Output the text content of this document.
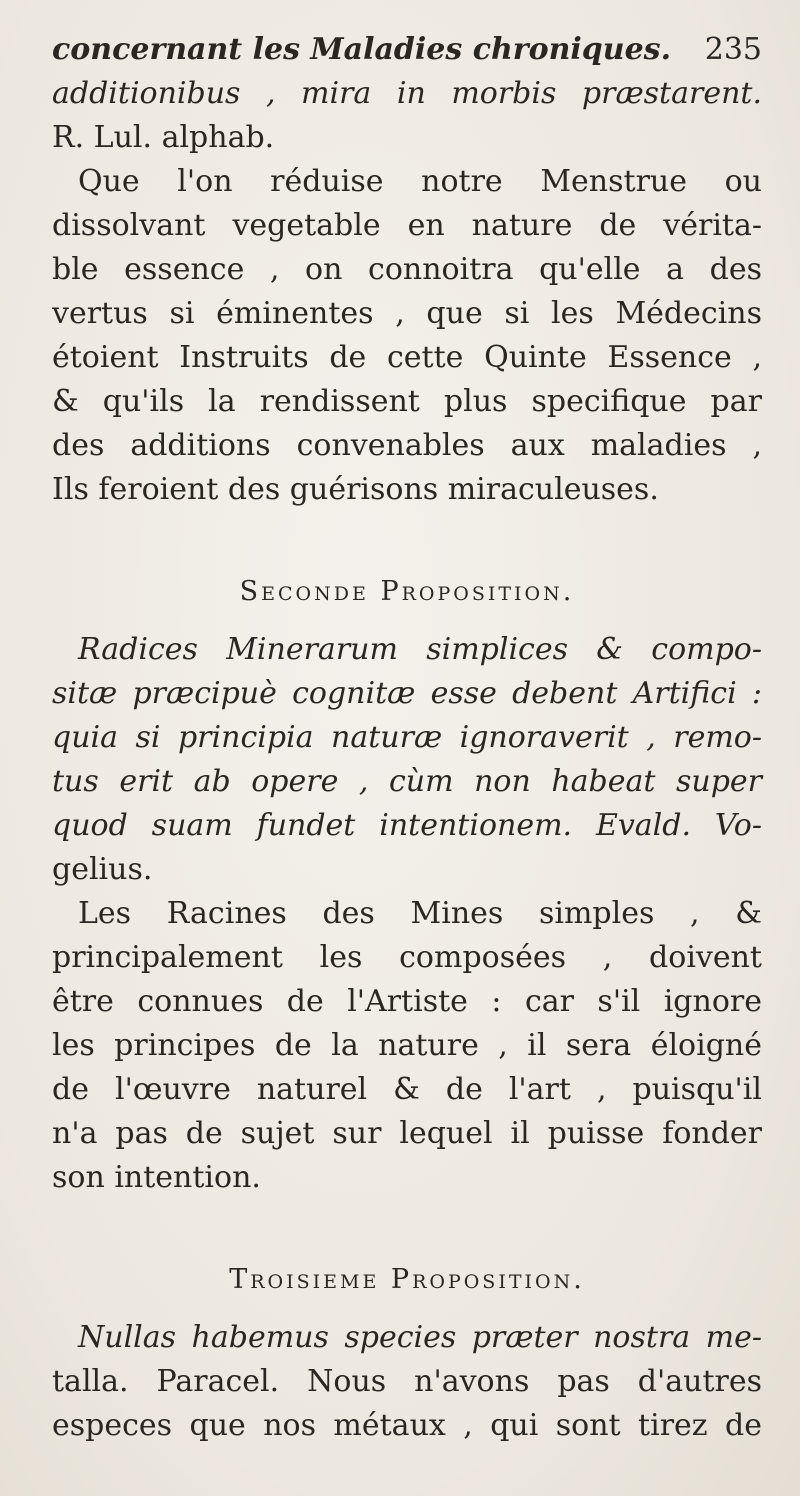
concernant les Maladies chroniques. 235
additionibus , mira in morbis præstarent.
R. Lul. alphab.
Que l'on réduise notre Menstrue ou
dissolvant vegetable en nature de vérita-
ble essence , on connoitra qu'elle a des
vertus si éminentes , que si les Médecins
étoient Instruits de cette Quinte Essence ,
& qu'ils la rendissent plus specifique par
des additions convenables aux maladies ,
Ils feroient des guérisons miraculeuses.
Seconde Proposition.
Radices Minerarum simplices & compo-
sitæ præcipuè cognitæ esse debent Artifici :
quia si principia naturæ ignoraverit , remo-
tus erit ab opere , cùm non habeat super
quod suam fundet intentionem. Evald. Vo-
gelius.
Les Racines des Mines simples , &
principalement les composées , doivent
être connues de l'Artiste : car s'il ignore
les principes de la nature , il sera éloigné
de l'œuvre naturel & de l'art , puisqu'il
n'a pas de sujet sur lequel il puisse fonder
son intention.
Troisieme Proposition.
Nullas habemus species præter nostra me-
talla. Paracel. Nous n'avons pas d'autres
especes que nos métaux , qui sont tirez de
